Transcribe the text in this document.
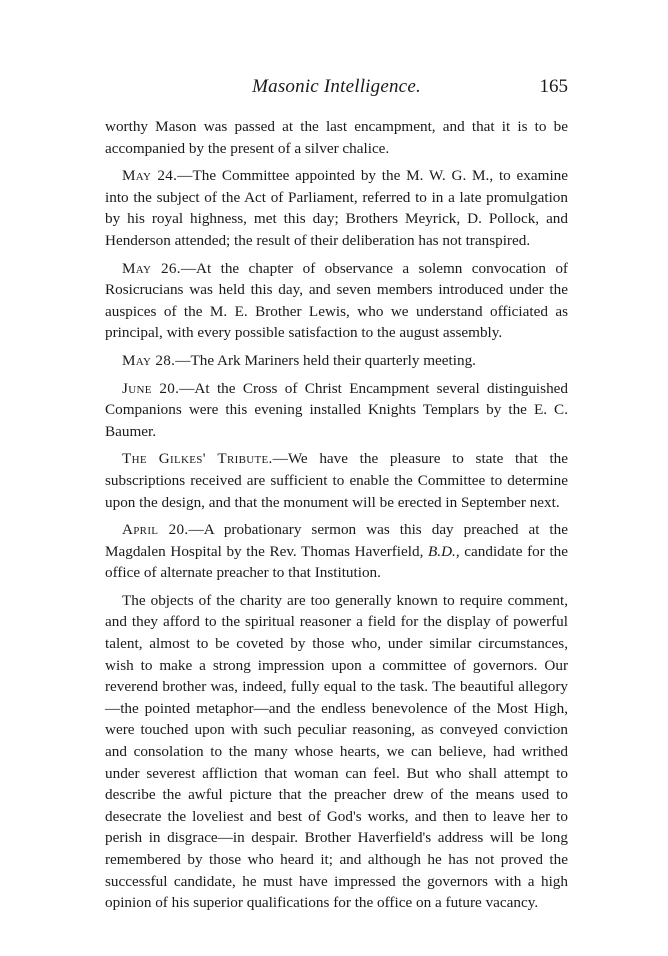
Masonic Intelligence.	165

worthy Mason was passed at the last encampment, and that it is to be accompanied by the present of a silver chalice.

May 24.—The Committee appointed by the M. W. G. M., to examine into the subject of the Act of Parliament, referred to in a late promulgation by his royal highness, met this day; Brothers Meyrick, D. Pollock, and Henderson attended; the result of their deliberation has not transpired.

May 26.—At the chapter of observance a solemn convocation of Rosicrucians was held this day, and seven members introduced under the auspices of the M. E. Brother Lewis, who we understand officiated as principal, with every possible satisfaction to the august assembly.

May 28.—The Ark Mariners held their quarterly meeting.

June 20.—At the Cross of Christ Encampment several distinguished Companions were this evening installed Knights Templars by the E. C. Baumer.

The Gilkes' Tribute.—We have the pleasure to state that the subscriptions received are sufficient to enable the Committee to determine upon the design, and that the monument will be erected in September next.

April 20.—A probationary sermon was this day preached at the Magdalen Hospital by the Rev. Thomas Haverfield, B.D., candidate for the office of alternate preacher to that Institution.

The objects of the charity are too generally known to require comment, and they afford to the spiritual reasoner a field for the display of powerful talent, almost to be coveted by those who, under similar circumstances, wish to make a strong impression upon a committee of governors. Our reverend brother was, indeed, fully equal to the task. The beautiful allegory—the pointed metaphor—and the endless benevolence of the Most High, were touched upon with such peculiar reasoning, as conveyed conviction and consolation to the many whose hearts, we can believe, had writhed under severest affliction that woman can feel. But who shall attempt to describe the awful picture that the preacher drew of the means used to desecrate the loveliest and best of God's works, and then to leave her to perish in disgrace—in despair. Brother Haverfield's address will be long remembered by those who heard it; and although he has not proved the successful candidate, he must have impressed the governors with a high opinion of his superior qualifications for the office on a future vacancy.
